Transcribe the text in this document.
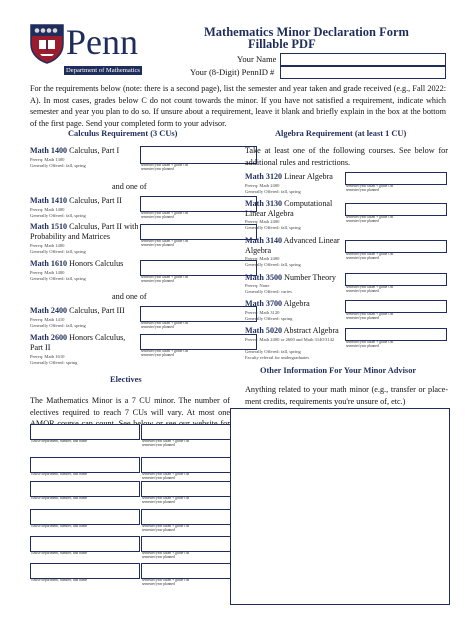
Penn
Department of Mathematics
Mathematics Minor Declaration Form
Fillable PDF
Your Name
Your (8-Digit) PennID #
For the requirements below (note: there is a second page), list the semester and year taken and grade received (e.g., Fall 2022: A). In most cases, grades below C do not count towards the minor. If you have not satisfied a requirement, indicate which semester and year you plan to do so. If unsure about a requirement, leave it blank and briefly explain in the box at the bottom of the first page. Send your completed form to your advisor.
Calculus Requirement (3 CUs)
Math 1400 Calculus, Part I
Prereq: Math 1300
Generally Offered: fall, spring	semester/year taken + grade OR
semester/year planned
and one of
Math 1410 Calculus, Part II
Prereq: Math 1400
Generally Offered: fall, spring	semester/year taken + grade OR
semester/year planned
Math 1510 Calculus, Part II with Probability and Matrices
Prereq: Math 1400
Generally Offered: fall, spring
semester/year taken + grade OR
semester/year planned
Math 1610 Honors Calculus
Prereq: Math 1400
Generally Offered: fall, spring	semester/year taken + grade OR
semester/year planned
and one of
Math 2400 Calculus, Part III
Prereq: Math 1410
Generally Offered: fall, spring	semester/year taken + grade OR
semester/year planned
Math 2600 Honors Calculus, Part II
Prereq: Math 1610
Generally Offered: spring
semester/year taken + grade OR
semester/year planned
Algebra Requirement (at least 1 CU)
Take at least one of the following courses. See below for additional rules and restrictions.
Math 3120 Linear Algebra
Prereq: Math 2400
Generally Offered: fall, spring
semester/year taken + grade OR
semester/year planned
Math 3130 Computational Linear Algebra
Prereq: Math 2400
Generally Offered: fall, spring
semester/year taken + grade OR
semester/year planned
Math 3140 Advanced Linear Algebra
Prereq: Math 2400
Generally Offered: fall, spring
semester/year taken + grade OR
semester/year planned
Math 3500 Number Theory
Prereq: None
Generally Offered: varies
semester/year taken + grade OR
semester/year planned
Math 3700 Algebra
Prereq: Math 3120
Generally Offered: spring
semester/year taken + grade OR
semester/year planned
Math 5020 Abstract Algebra
Prereq: Math 2400 or 2600 and Math 3140/3142
Generally Offered: fall, spring
Faculty referral for undergraduates
semester/year taken + grade OR
semester/year planned
Electives
The Mathematics Minor is a 7 CU minor. The number of electives required to reach 7 CUs will vary. At most one
course department, number, and name	semester/year taken + grade OR
semester/year planned
course department, number, and name	semester/year taken + grade OR
semester/year planned
course department, number, and name	semester/year taken + grade OR
semester/year planned
course department, number, and name	semester/year taken + grade OR
semester/year planned
course department, number, and name	semester/year taken + grade OR
semester/year planned
course department, number, and name	semester/year taken + grade OR
semester/year planned
Other Information For Your Minor Advisor
Anything related to your math minor (e.g., transfer or place-ment credits, requirements you're unsure of, etc.)
